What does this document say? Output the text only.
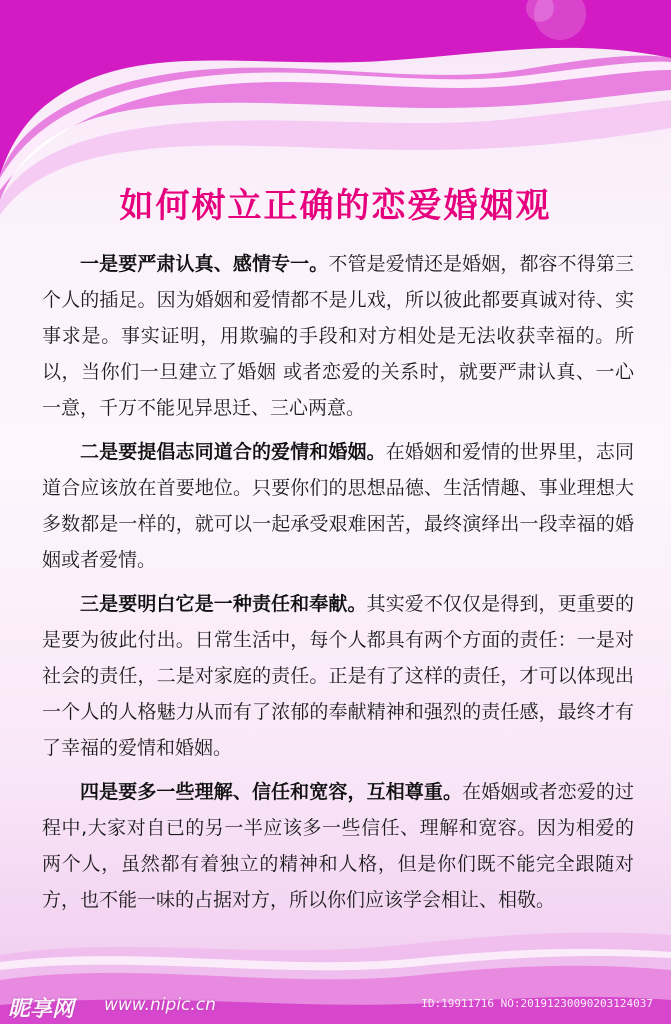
如何树立正确的恋爱婚姻观

一是要严肃认真、感情专一。不管是爱情还是婚姻，都容不得第三个人的插足。因为婚姻和爱情都不是儿戏，所以彼此都要真诚对待、实事求是。事实证明，用欺骗的手段和对方相处是无法收获幸福的。所以，当你们一旦建立了婚姻 或者恋爱的关系时，就要严肃认真、一心一意，千万不能见异思迁、三心两意。

二是要提倡志同道合的爱情和婚姻。在婚姻和爱情的世界里，志同道合应该放在首要地位。只要你们的思想品德、生活情趣、事业理想大多数都是一样的，就可以一起承受艰难困苦，最终演绎出一段幸福的婚姻或者爱情。

三是要明白它是一种责任和奉献。其实爱不仅仅是得到，更重要的是要为彼此付出。日常生活中，每个人都具有两个方面的责任：一是对社会的责任，二是对家庭的责任。正是有了这样的责任，才可以体现出一个人的人格魅力从而有了浓郁的奉献精神和强烈的责任感，最终才有了幸福的爱情和婚姻。

四是要多一些理解、信任和宽容，互相尊重。在婚姻或者恋爱的过程中,大家对自已的另一半应该多一些信任、理解和宽容。因为相爱的两个人，虽然都有着独立的精神和人格，但是你们既不能完全跟随对方，也不能一味的占据对方，所以你们应该学会相让、相敬。

昵享网 www.nipic.cn	ID:19911716 NO:20191230090203124037
